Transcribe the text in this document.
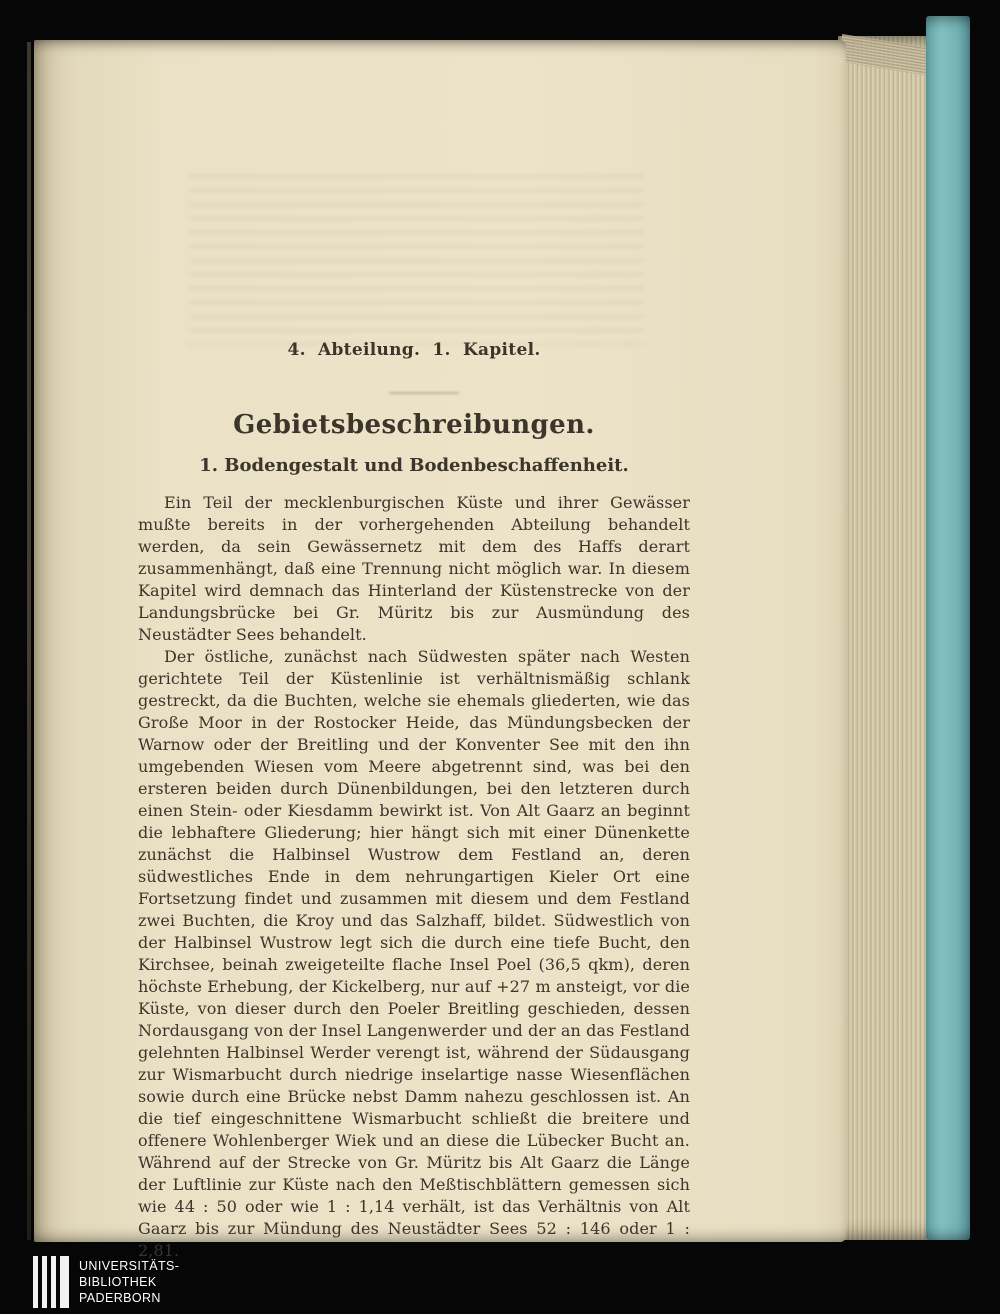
4. Abteilung. 1. Kapitel.
Gebietsbeschreibungen.
1. Bodengestalt und Bodenbeschaffenheit.

Ein Teil der mecklenburgischen Küste und ihrer Gewässer mußte bereits in der vorhergehenden Abteilung behandelt werden, da sein Gewässernetz mit dem des Haffs derart zusammenhängt, daß eine Trennung nicht möglich war. In diesem Kapitel wird demnach das Hinterland der Küstenstrecke von der Landungsbrücke bei Gr. Müritz bis zur Ausmündung des Neustädter Sees behandelt.

Der östliche, zunächst nach Südwesten später nach Westen gerichtete Teil der Küstenlinie ist verhältnismäßig schlank gestreckt, da die Buchten, welche sie ehemals gliederten, wie das Große Moor in der Rostocker Heide, das Mündungsbecken der Warnow oder der Breitling und der Konventer See mit den ihn umgebenden Wiesen vom Meere abgetrennt sind, was bei den ersteren beiden durch Dünenbildungen, bei den letzteren durch einen Stein- oder Kiesdamm bewirkt ist. Von Alt Gaarz an beginnt die lebhaftere Gliederung; hier hängt sich mit einer Dünenkette zunächst die Halbinsel Wustrow dem Festland an, deren südwestliches Ende in dem nehrungartigen Kieler Ort eine Fortsetzung findet und zusammen mit diesem und dem Festland zwei Buchten, die Kroy und das Salzhaff, bildet. Südwestlich von der Halbinsel Wustrow legt sich die durch eine tiefe Bucht, den Kirchsee, beinah zweigeteilte flache Insel Poel (36,5 qkm), deren höchste Erhebung, der Kickelberg, nur auf +27 m ansteigt, vor die Küste, von dieser durch den Poeler Breitling geschieden, dessen Nordausgang von der Insel Langenwerder und der an das Festland gelehnten Halbinsel Werder verengt ist, während der Südausgang zur Wismarbucht durch niedrige inselartige nasse Wiesenflächen sowie durch eine Brücke nebst Damm nahezu geschlossen ist. An die tief eingeschnittene Wismarbucht schließt die breitere und offenere Wohlenberger Wiek und an diese die Lübecker Bucht an. Während auf der Strecke von Gr. Müritz bis Alt Gaarz die Länge der Luftlinie zur Küste nach den Meßtischblättern gemessen sich wie 44 : 50 oder wie 1 : 1,14 verhält, ist das Verhältnis von Alt Gaarz bis zur Mündung des Neustädter Sees 52 : 146 oder 1 : 2,81.

UNIVERSITÄTS-
BIBLIOTHEK
PADERBORN
